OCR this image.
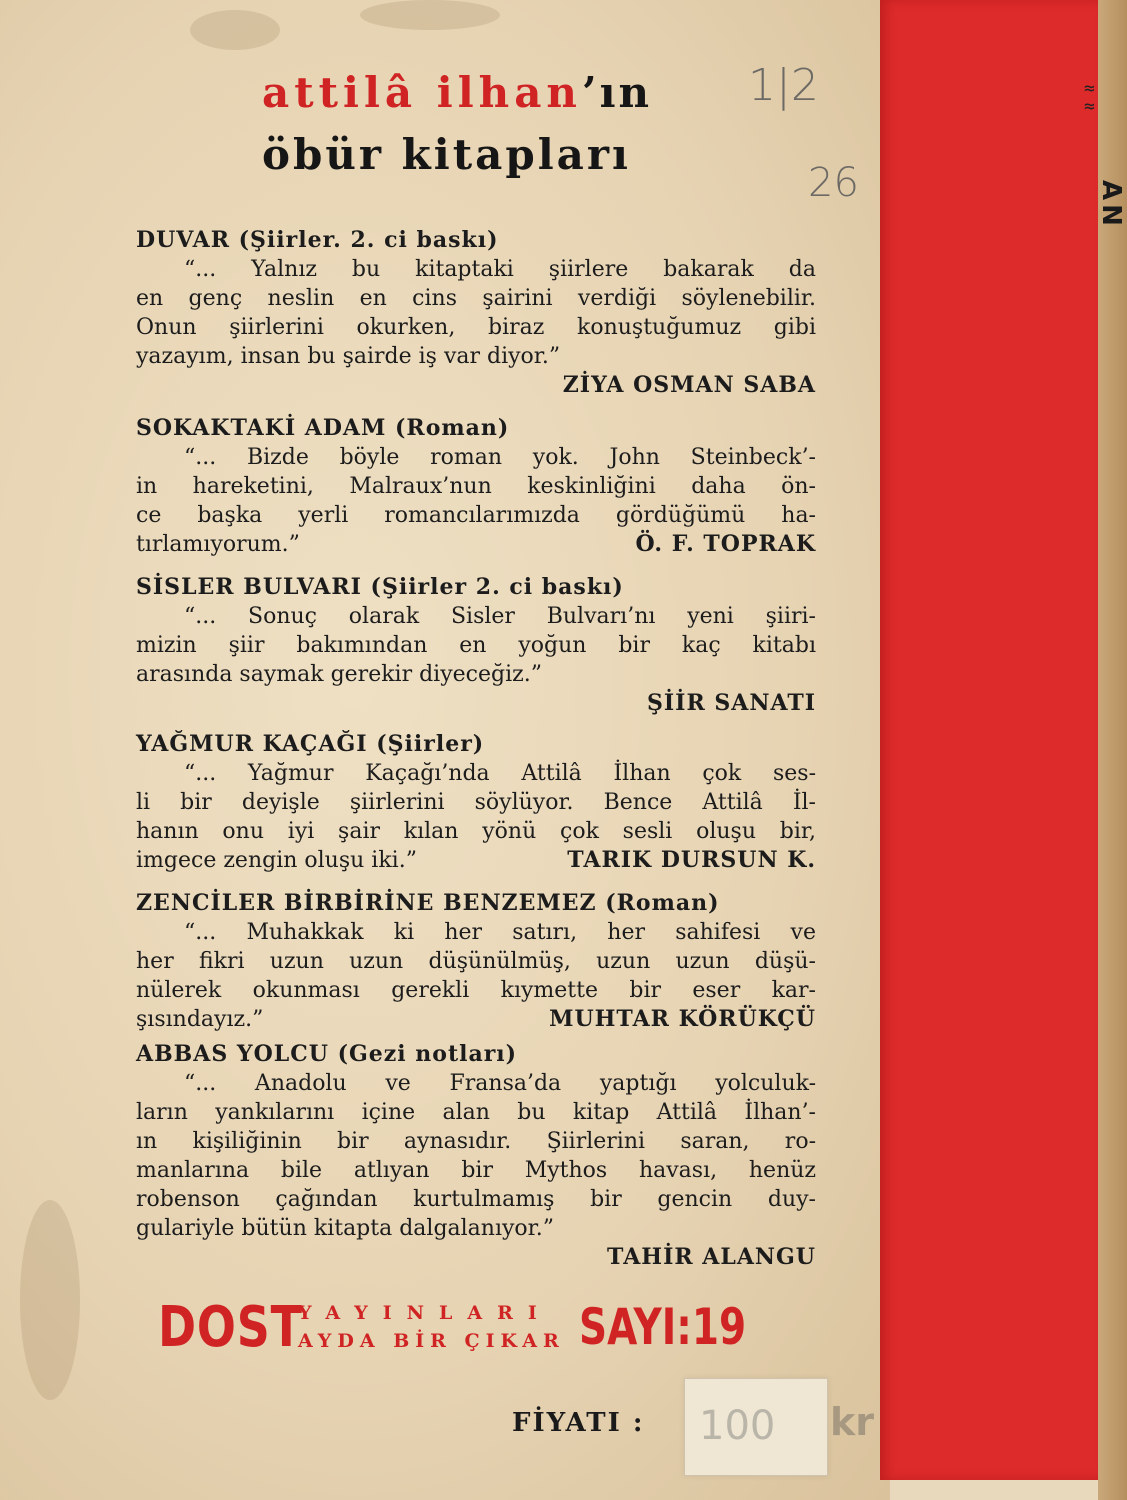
≈
≈
AN
attilâ ilhan’ın
öbür kitapları
1|2
26
DUVAR (Şiirler. 2. ci baskı)
“... Yalnız bu kitaptaki şiirlere bakarak da
en genç neslin en cins şairini verdiği söylenebilir.
Onun şiirlerini okurken, biraz konuştuğumuz gibi
yazayım, insan bu şairde iş var diyor.”
ZİYA OSMAN SABA
SOKAKTAKİ ADAM (Roman)
“... Bizde böyle roman yok. John Steinbeck’-
in hareketini, Malraux’nun keskinliğini daha ön-
ce başka yerli romancılarımızda gördüğümü ha-
tırlamıyorum.”	Ö. F. TOPRAK
SİSLER BULVARI (Şiirler 2. ci baskı)
“... Sonuç olarak Sisler Bulvarı’nı yeni şiiri-
mizin şiir bakımından en yoğun bir kaç kitabı
arasında saymak gerekir diyeceğiz.”
ŞİİR SANATI
YAĞMUR KAÇAĞI (Şiirler)
“... Yağmur Kaçağı’nda Attilâ İlhan çok ses-
li bir deyişle şiirlerini söylüyor. Bence Attilâ İl-
hanın onu iyi şair kılan yönü çok sesli oluşu bir,
imgece zengin oluşu iki.”	TARIK DURSUN K.
ZENCİLER BİRBİRİNE BENZEMEZ (Roman)
“... Muhakkak ki her satırı, her sahifesi ve
her fikri uzun uzun düşünülmüş, uzun uzun düşü-
nülerek okunması gerekli kıymette bir eser kar-
şısındayız.”	MUHTAR KÖRÜKÇÜ
ABBAS YOLCU (Gezi notları)
“... Anadolu ve Fransa’da yaptığı yolculuk-
ların yankılarını içine alan bu kitap Attilâ İlhan’-
ın kişiliğinin bir aynasıdır. Şiirlerini saran, ro-
manlarına bile atlıyan bir Mythos havası, henüz
robenson çağından kurtulmamış bir gencin duy-
gulariyle bütün kitapta dalgalanıyor.”
TAHİR ALANGU
DOST
YAYINLARI
AYDA BİR ÇIKAR SAYI:19
FİYATI : 100 kr
